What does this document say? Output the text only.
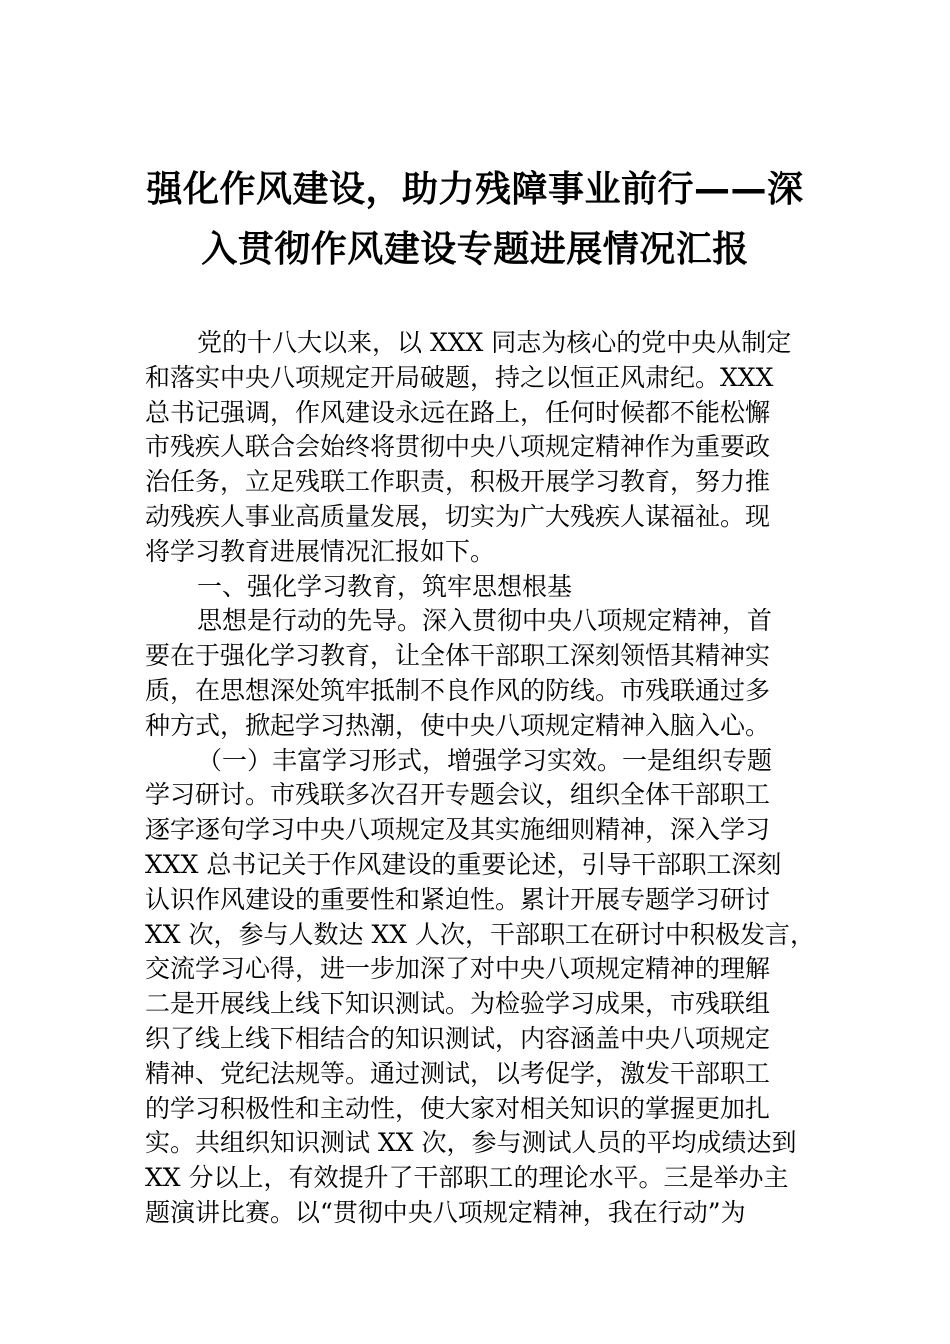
强化作风建设，助力残障事业前行——深
入贯彻作风建设专题进展情况汇报
党的十八大以来，以 XXX 同志为核心的党中央从制定
和落实中央八项规定开局破题，持之以恒正风肃纪。XXX
总书记强调，作风建设永远在路上，任何时候都不能松懈
市残疾人联合会始终将贯彻中央八项规定精神作为重要政
治任务，立足残联工作职责，积极开展学习教育，努力推
动残疾人事业高质量发展，切实为广大残疾人谋福祉。现
将学习教育进展情况汇报如下。
一、强化学习教育，筑牢思想根基
思想是行动的先导。深入贯彻中央八项规定精神，首
要在于强化学习教育，让全体干部职工深刻领悟其精神实
质，在思想深处筑牢抵制不良作风的防线。市残联通过多
种方式，掀起学习热潮，使中央八项规定精神入脑入心。
（一）丰富学习形式，增强学习实效。一是组织专题
学习研讨。市残联多次召开专题会议，组织全体干部职工
逐字逐句学习中央八项规定及其实施细则精神，深入学习
XXX 总书记关于作风建设的重要论述，引导干部职工深刻
认识作风建设的重要性和紧迫性。累计开展专题学习研讨
XX 次，参与人数达 XX 人次，干部职工在研讨中积极发言，
交流学习心得，进一步加深了对中央八项规定精神的理解
二是开展线上线下知识测试。为检验学习成果，市残联组
织了线上线下相结合的知识测试，内容涵盖中央八项规定
精神、党纪法规等。通过测试，以考促学，激发干部职工
的学习积极性和主动性，使大家对相关知识的掌握更加扎
实。共组织知识测试 XX 次，参与测试人员的平均成绩达到
XX 分以上，有效提升了干部职工的理论水平。三是举办主
题演讲比赛。以“贯彻中央八项规定精神，我在行动”为
